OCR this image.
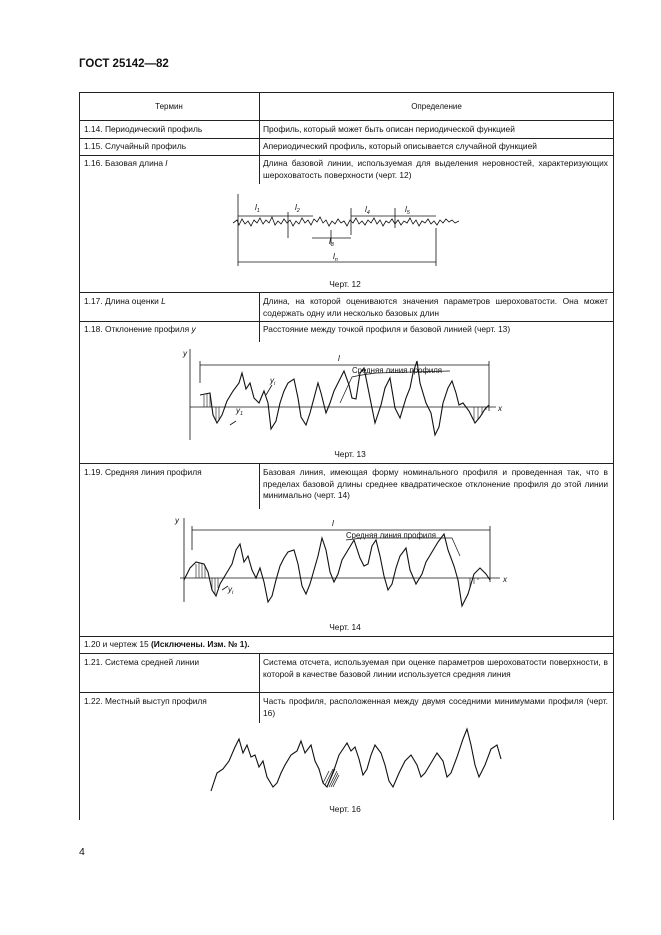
ГОСТ 25142—82
Термин	Определение
1.14. Периодический профиль	Профиль, который может быть описан периодической функцией
1.15. Случайный профиль	Апериодический профиль, который описывается случайной функцией
1.16. Базовая длина l	Длина базовой линии, используемая для выделения неровностей, характеризующих шероховатость поверхности (черт. 12)
$l_1$	$l_2$
$l_3$
$l_4$	$l_5$
$l_n$
Черт. 12
1.17. Длина оценки L	Длина, на которой оцениваются значения параметров шероховатости. Она может содержать одну или несколько базовых длин
1.18. Отклонение профиля y	Расстояние между точкой профиля и базовой линией (черт. 13)
y
x
l
Средняя линия профиля
$y_i$
$y_1$
Черт. 13
1.19. Средняя линия профиля	Базовая линия, имеющая форму номинального профиля и проведенная так, что в пределах базовой длины среднее квадратическое отклонение профиля до этой линии минимально (черт. 14)
y
x
l
Средняя линия профиля
$y_i$
Черт. 14
1.20 и чертеж 15 (Исключены. Изм. № 1).
1.21. Система средней линии	Система отсчета, используемая при оценке параметров шероховатости поверхности, в которой в качестве базовой линии используется средняя линия
1.22. Местный выступ профиля	Часть профиля, расположенная между двумя соседними минимумами профиля (черт. 16)
Черт. 16
4
